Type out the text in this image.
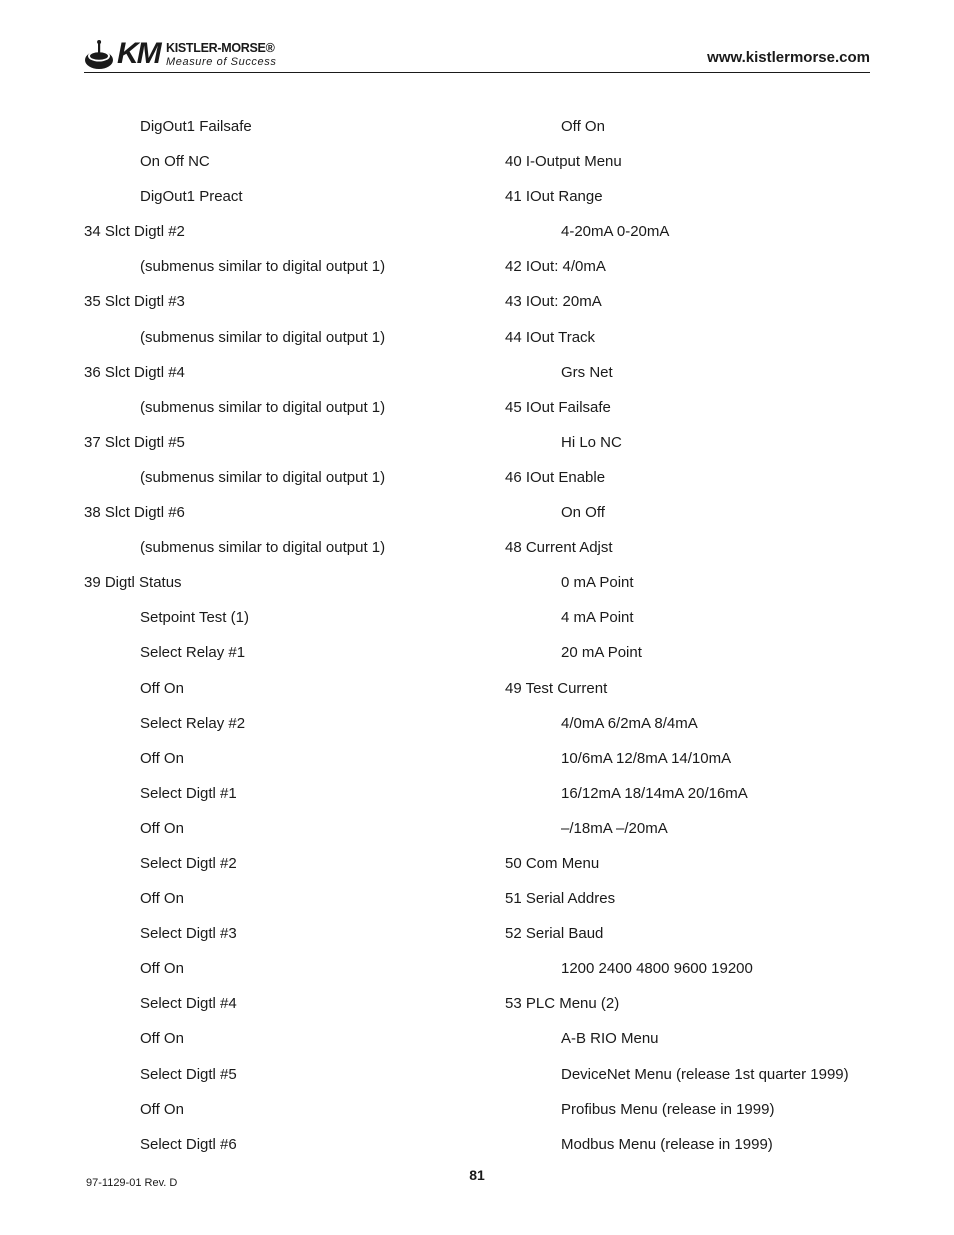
KM KISTLER-MORSE®
Measure of Success	www.kistlermorse.com
DigOut1 Failsafe
On Off NC
DigOut1 Preact
34 Slct Digtl #2
(submenus similar to digital output 1)
35 Slct Digtl #3
(submenus similar to digital output 1)
36 Slct Digtl #4
(submenus similar to digital output 1)
37 Slct Digtl #5
(submenus similar to digital output 1)
38 Slct Digtl #6
(submenus similar to digital output 1)
39 Digtl Status
Setpoint Test (1)
Select Relay #1
Off On
Select Relay #2
Off On
Select Digtl #1
Off On
Select Digtl #2
Off On
Select Digtl #3
Off On
Select Digtl #4
Off On
Select Digtl #5
Off On
Select Digtl #6
Off On
40 I-Output Menu
41 IOut Range
4-20mA 0-20mA
42 IOut: 4/0mA
43 IOut: 20mA
44 IOut Track
Grs Net
45 IOut Failsafe
Hi Lo NC
46 IOut Enable
On Off
48 Current Adjst
0 mA Point
4 mA Point
20 mA Point
49 Test Current
4/0mA 6/2mA 8/4mA
10/6mA 12/8mA 14/10mA
16/12mA 18/14mA 20/16mA
–/18mA –/20mA
50 Com Menu
51 Serial Addres
52 Serial Baud
1200 2400 4800 9600 19200
53 PLC Menu (2)
A-B RIO Menu
DeviceNet Menu (release 1st quarter 1999)
Profibus Menu (release in 1999)
Modbus Menu (release in 1999)
81
97-1129-01 Rev. D
